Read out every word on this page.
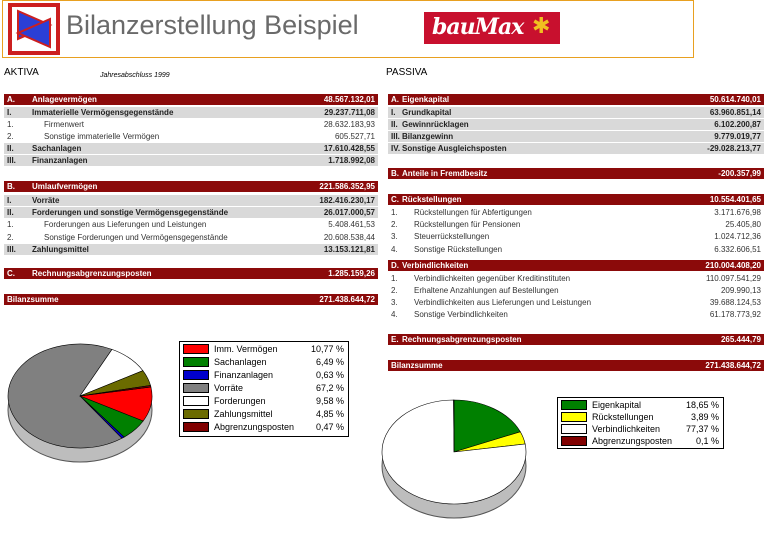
Bilanzerstellung Beispiel	bauMax ✱
AKTIVA	Jahresabschluss 1999	PASSIVA
A. Anlagevermögen	48.567.132,01
I.	Immaterielle Vermögensgegenstände	29.237.711,08
1.	Firmenwert	28.632.183,93
2.	Sonstige immaterielle Vermögen	605.527,71
II. Sachanlagen	17.610.428,55
III. Finanzanlagen	1.718.992,08
B. Umlaufvermögen	221.586.352,95
I.	Vorräte	182.416.230,17
II. Forderungen und sonstige Vermögensgegenstände	26.017.000,57
1.	Forderungen aus Lieferungen und Leistungen	5.408.461,53
2.	Sonstige Forderungen und Vermögensgegenstände	20.608.538,44
III. Zahlungsmittel	13.153.121,81
C. Rechnungsabgrenzungsposten	1.285.159,26
Bilanzsumme	271.438.644,72
A. Eigenkapital	50.614.740,01
I. Grundkapital	63.960.851,14
II. Gewinnrücklagen	6.102.200,87
III. Bilanzgewinn	9.779.019,77
IV. Sonstige Ausgleichsposten	-29.028.213,77
B. Anteile in Fremdbesitz	-200.357,99
C. Rückstellungen	10.554.401,65
1. Rückstellungen für Abfertigungen	3.171.676,98
2. Rückstellungen für Pensionen	25.405,80
3. Steuerrückstellungen	1.024.712,36
4. Sonstige Rückstellungen	6.332.606,51
D. Verbindlichkeiten	210.004.408,20
1. Verbindlichkeiten gegenüber Kreditinstituten	110.097.541,29
2. Erhaltene Anzahlungen auf Bestellungen	209.990,13
3. Verbindlichkeiten aus Lieferungen und Leistungen	39.688.124,53
4. Sonstige Verbindlichkeiten	61.178.773,92
E. Rechnungsabgrenzungsposten	265.444,79
Bilanzsumme	271.438.644,72
Imm. Vermögen	10,77 %
Sachanlagen	6,49 %
Finanzanlagen	0,63 %
Vorräte	67,2 %
Forderungen	9,58 %
Zahlungsmittel	4,85 %
Abgrenzungsposten 0,47 %
Eigenkapital	18,65 %
Rückstellungen	3,89 %
Verbindlichkeiten	77,37 %
Abgrenzungsposten	0,1 %
